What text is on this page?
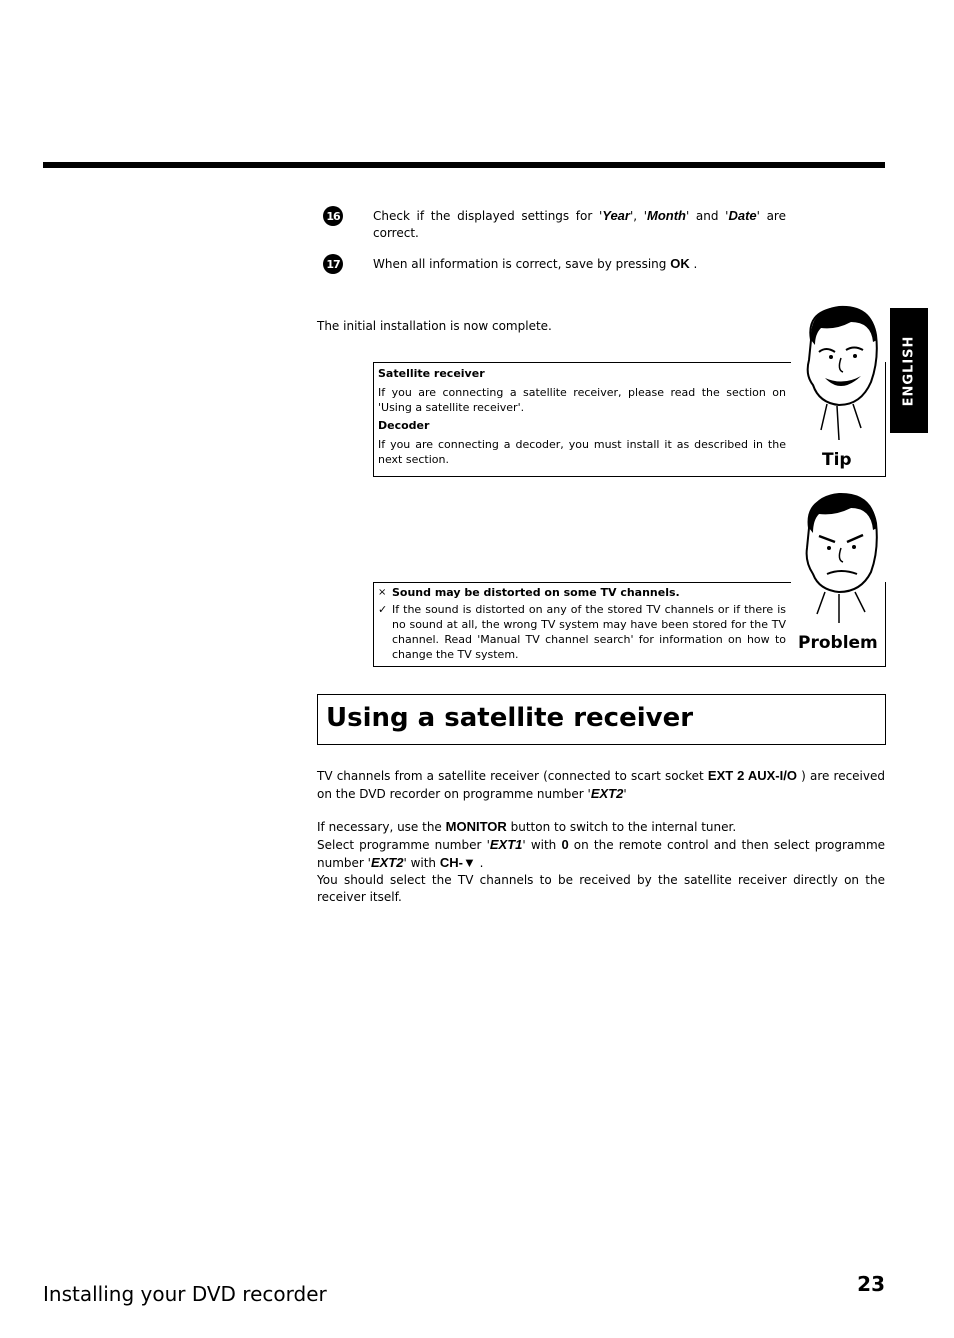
16	Check if the displayed settings for 'Year', 'Month' and 'Date' are correct.
17	When all information is correct, save by pressing OK .
The initial installation is now complete.
ENGLISH
Tip
Satellite receiver
If you are connecting a satellite receiver, please read the section on 'Using a satellite receiver'.
Decoder
If you are connecting a decoder, you must install it as described in the next section.
Problem
× Sound may be distorted on some TV channels.
✓ If the sound is distorted on any of the stored TV channels or if there is no sound at all, the wrong TV system may have been stored for the TV channel. Read 'Manual TV channel search' for information on how to change the TV system.
Using a satellite receiver
TV channels from a satellite receiver (connected to scart socket EXT 2 AUX-I/O ) are received on the DVD recorder on programme number 'EXT2'
If necessary, use the MONITOR button to switch to the internal tuner.
Select programme number 'EXT1' with 0 on the remote control and then select programme number 'EXT2' with CH-▼ .
You should select the TV channels to be received by the satellite receiver directly on the receiver itself.
Installing your DVD recorder	23
